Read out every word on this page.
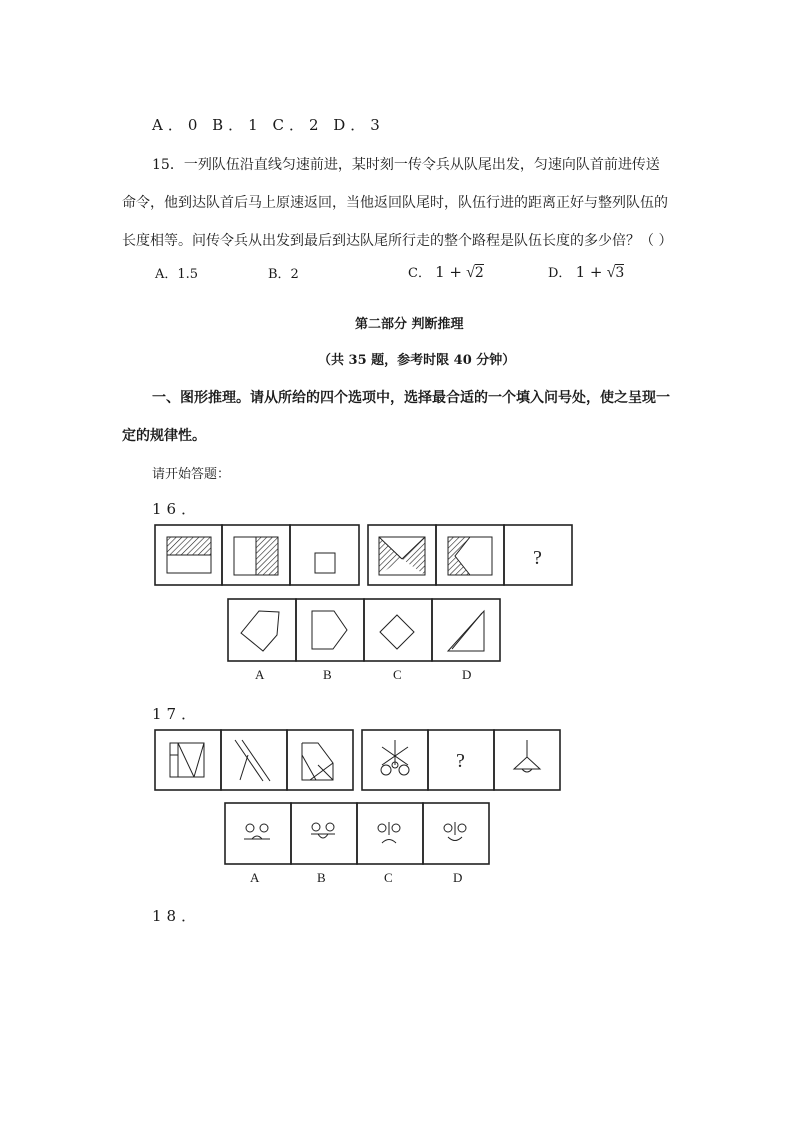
A．0 B．1 C．2 D．3
15．一列队伍沿直线匀速前进，某时刻一传令兵从队尾出发，匀速向队首前进传送
命令，他到达队首后马上原速返回，当他返回队尾时，队伍行进的距离正好与整列队伍的
长度相等。问传令兵从出发到最后到达队尾所行走的整个路程是队伍长度的多少倍？（ ）
A．1.5	B．2	C． 1 + √2	D． 1 + √3
第二部分 判断推理
（共 35 题，参考时限 40 分钟）
一、图形推理。请从所给的四个选项中，选择最合适的一个填入问号处，使之呈现一
定的规律性。
请开始答题：
16．
?
A	B	C	D
17．
?
A	B	C	D
18．
